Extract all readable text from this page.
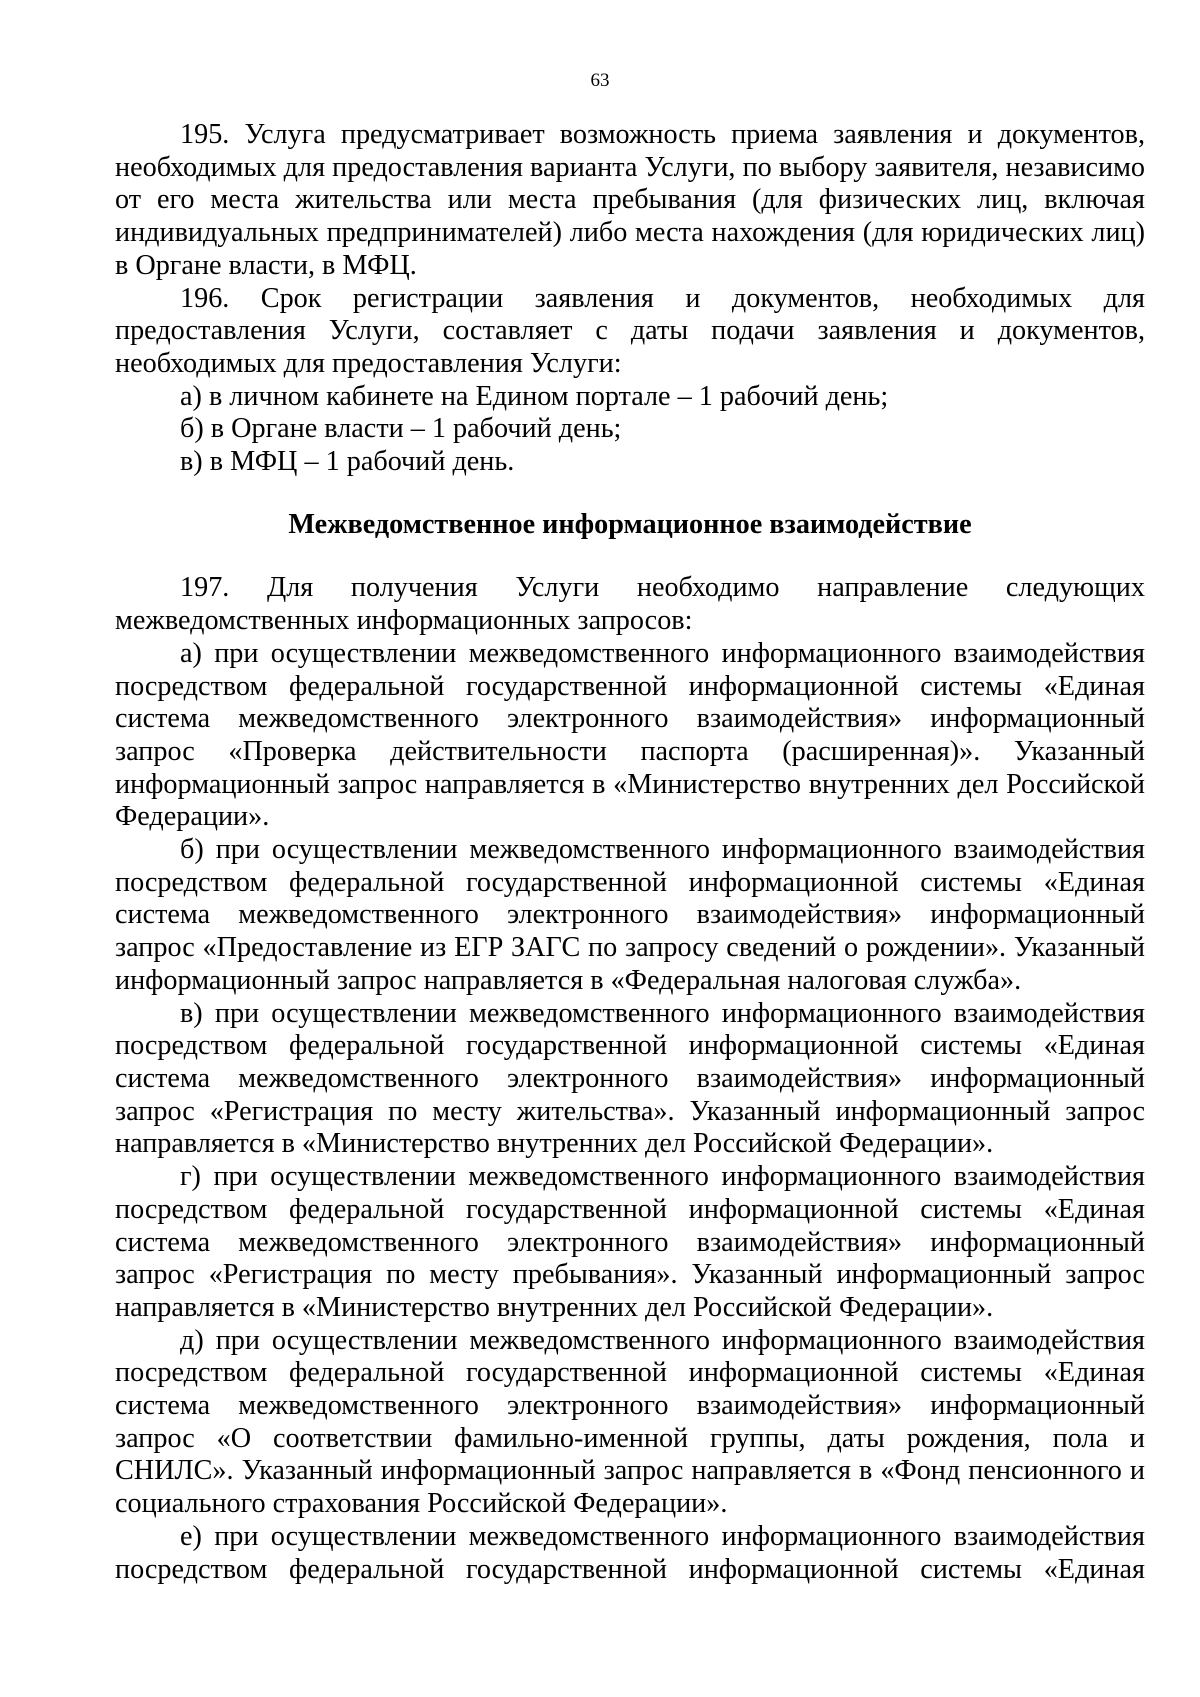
63

195. Услуга предусматривает возможность приема заявления и документов, необходимых для предоставления варианта Услуги, по выбору заявителя, независимо от его места жительства или места пребывания (для физических лиц, включая индивидуальных предпринимателей) либо места нахождения (для юридических лиц) в Органе власти, в МФЦ.

196. Срок регистрации заявления и документов, необходимых для предоставления Услуги, составляет с даты подачи заявления и документов, необходимых для предоставления Услуги:

а) в личном кабинете на Едином портале – 1 рабочий день;

б) в Органе власти – 1 рабочий день;

в) в МФЦ – 1 рабочий день.

Межведомственное информационное взаимодействие

197. Для получения Услуги необходимо направление следующих межведомственных информационных запросов:

а) при осуществлении межведомственного информационного взаимодействия посредством федеральной государственной информационной системы «Единая система межведомственного электронного взаимодействия» информационный запрос «Проверка действительности паспорта (расширенная)». Указанный информационный запрос направляется в «Министерство внутренних дел Российской Федерации».

б) при осуществлении межведомственного информационного взаимодействия посредством федеральной государственной информационной системы «Единая система межведомственного электронного взаимодействия» информационный запрос «Предоставление из ЕГР ЗАГС по запросу сведений о рождении». Указанный информационный запрос направляется в «Федеральная налоговая служба».

в) при осуществлении межведомственного информационного взаимодействия посредством федеральной государственной информационной системы «Единая система межведомственного электронного взаимодействия» информационный запрос «Регистрация по месту жительства». Указанный информационный запрос направляется в «Министерство внутренних дел Российской Федерации».

г) при осуществлении межведомственного информационного взаимодействия посредством федеральной государственной информационной системы «Единая система межведомственного электронного взаимодействия» информационный запрос «Регистрация по месту пребывания». Указанный информационный запрос направляется в «Министерство внутренних дел Российской Федерации».

д) при осуществлении межведомственного информационного взаимодействия посредством федеральной государственной информационной системы «Единая система межведомственного электронного взаимодействия» информационный запрос «О соответствии фамильно-именной группы, даты рождения, пола и СНИЛС». Указанный информационный запрос направляется в «Фонд пенсионного и социального страхования Российской Федерации».

е) при осуществлении межведомственного информационного взаимодействия посредством федеральной государственной информационной системы «Единая
